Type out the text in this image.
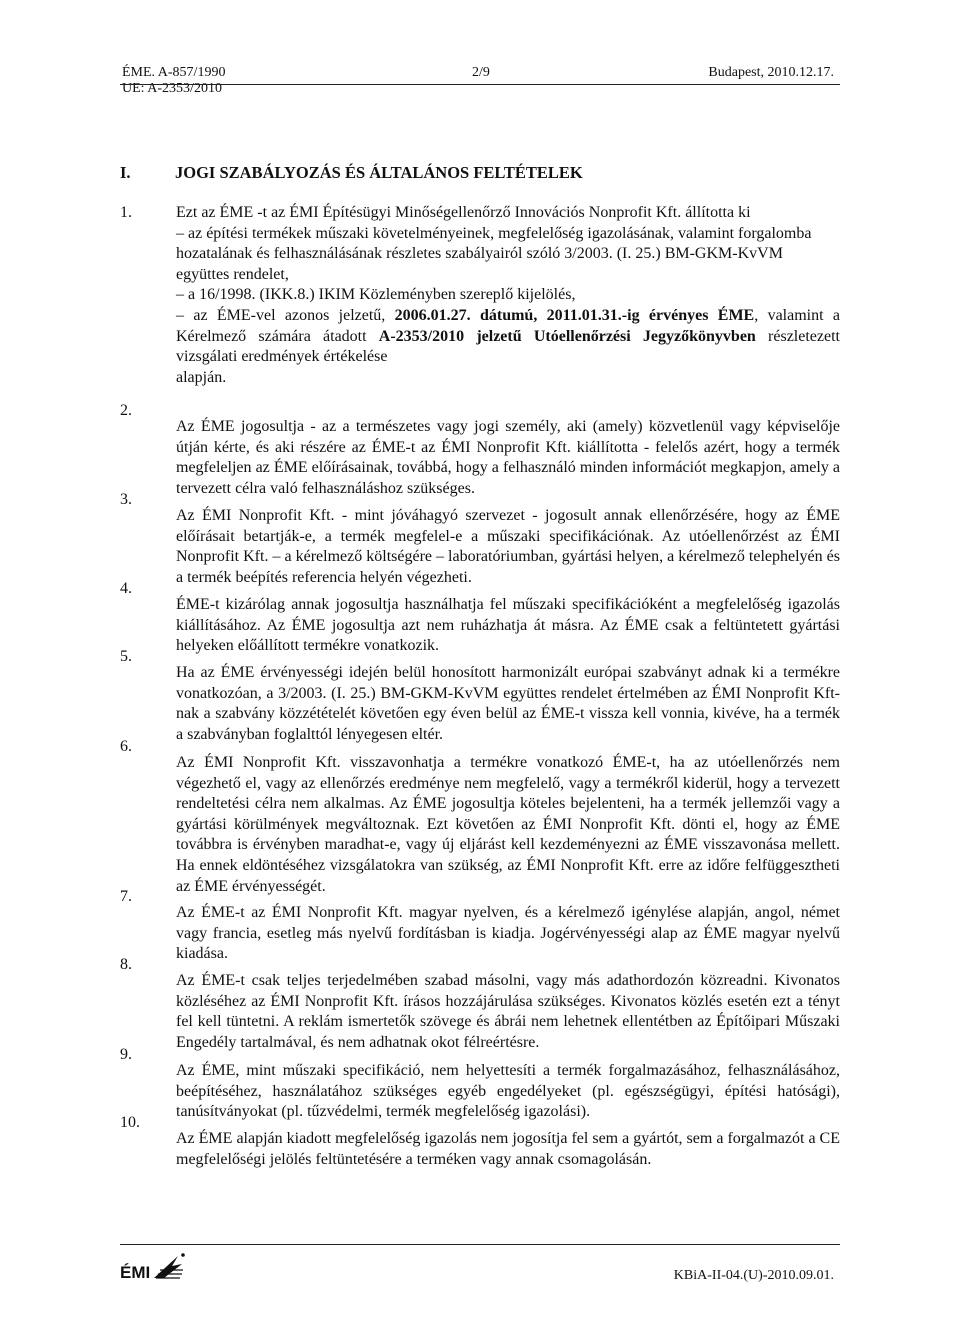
ÉME. A-857/1990
UE: A-2353/2010
2/9	Budapest, 2010.12.17.
I.	JOGI SZABÁLYOZÁS ÉS ÁLTALÁNOS FELTÉTELEK
1.	Ezt az ÉME -t az ÉMI Építésügyi Minőségellenőrző Innovációs Nonprofit Kft. állította ki
– az építési termékek műszaki követelményeinek, megfelelőség igazolásának, valamint forgalomba hozatalának és felhasználásának részletes szabályairól szóló 3/2003. (I. 25.) BM-GKM-KvVM együttes rendelet,
– a 16/1998. (IKK.8.) IKIM Közleményben szereplő kijelölés,

– az ÉME-vel azonos jelzetű, 2006.01.27. dátumú, 2011.01.31.-ig érvényes ÉME, valamint a Kérelmező számára átadott A-2353/2010 jelzetű Utóellenőrzési Jegyzőkönyvben részletezett vizsgálati eredmények értékelése

alapján.
2.

Az ÉME jogosultja - az a természetes vagy jogi személy, aki (amely) közvetlenül vagy képviselője útján kérte, és aki részére az ÉME-t az ÉMI Nonprofit Kft. kiállította - felelős azért, hogy a termék megfeleljen az ÉME előírásainak, továbbá, hogy a felhasználó minden információt megkapjon, amely a tervezett célra való felhasználáshoz szükséges.

3.

Az ÉMI Nonprofit Kft. - mint jóváhagyó szervezet - jogosult annak ellenőrzésére, hogy az ÉME előírásait betartják-e, a termék megfelel-e a műszaki specifikációnak. Az utóellenőrzést az ÉMI Nonprofit Kft. – a kérelmező költségére – laboratóriumban, gyártási helyen, a kérelmező telephelyén és a termék beépítés referencia helyén végezheti.

4.

ÉME-t kizárólag annak jogosultja használhatja fel műszaki specifikációként a megfelelőség igazolás kiállításához. Az ÉME jogosultja azt nem ruházhatja át másra. Az ÉME csak a feltüntetett gyártási helyeken előállított termékre vonatkozik.

5.

Ha az ÉME érvényességi idején belül honosított harmonizált európai szabványt adnak ki a termékre vonatkozóan, a 3/2003. (I. 25.) BM-GKM-KvVM együttes rendelet értelmében az ÉMI Nonprofit Kft-nak a szabvány közzétételét követően egy éven belül az ÉME-t vissza kell vonnia, kivéve, ha a termék a szabványban foglalttól lényegesen eltér.

6.

Az ÉMI Nonprofit Kft. visszavonhatja a termékre vonatkozó ÉME-t, ha az utóellenőrzés nem végezhető el, vagy az ellenőrzés eredménye nem megfelelő, vagy a termékről kiderül, hogy a tervezett rendeltetési célra nem alkalmas. Az ÉME jogosultja köteles bejelenteni, ha a termék jellemzői vagy a gyártási körülmények megváltoznak. Ezt követően az ÉMI Nonprofit Kft. dönti el, hogy az ÉME továbbra is érvényben maradhat-e, vagy új eljárást kell kezdeményezni az ÉME visszavonása mellett. Ha ennek eldöntéséhez vizsgálatokra van szükség, az ÉMI Nonprofit Kft. erre az időre felfüggesztheti az ÉME érvényességét.

7.

Az ÉME-t az ÉMI Nonprofit Kft. magyar nyelven, és a kérelmező igénylése alapján, angol, német vagy francia, esetleg más nyelvű fordításban is kiadja. Jogérvényességi alap az ÉME magyar nyelvű kiadása.

8.

Az ÉME-t csak teljes terjedelmében szabad másolni, vagy más adathordozón közreadni. Kivonatos közléséhez az ÉMI Nonprofit Kft. írásos hozzájárulása szükséges. Kivonatos közlés esetén ezt a tényt fel kell tüntetni. A reklám ismertetők szövege és ábrái nem lehetnek ellentétben az Építőipari Műszaki Engedély tartalmával, és nem adhatnak okot félreértésre.

9.

Az ÉME, mint műszaki specifikáció, nem helyettesíti a termék forgalmazásához, felhasználásához, beépítéséhez, használatához szükséges egyéb engedélyeket (pl. egészségügyi, építési hatósági), tanúsítványokat (pl. tűzvédelmi, termék megfelelőség igazolási).

10.

Az ÉME alapján kiadott megfelelőség igazolás nem jogosítja fel sem a gyártót, sem a forgalmazót a CE megfelelőségi jelölés feltüntetésére a terméken vagy annak csomagolásán.

ÉMI	KBiA-II-04.(U)-2010.09.01.
